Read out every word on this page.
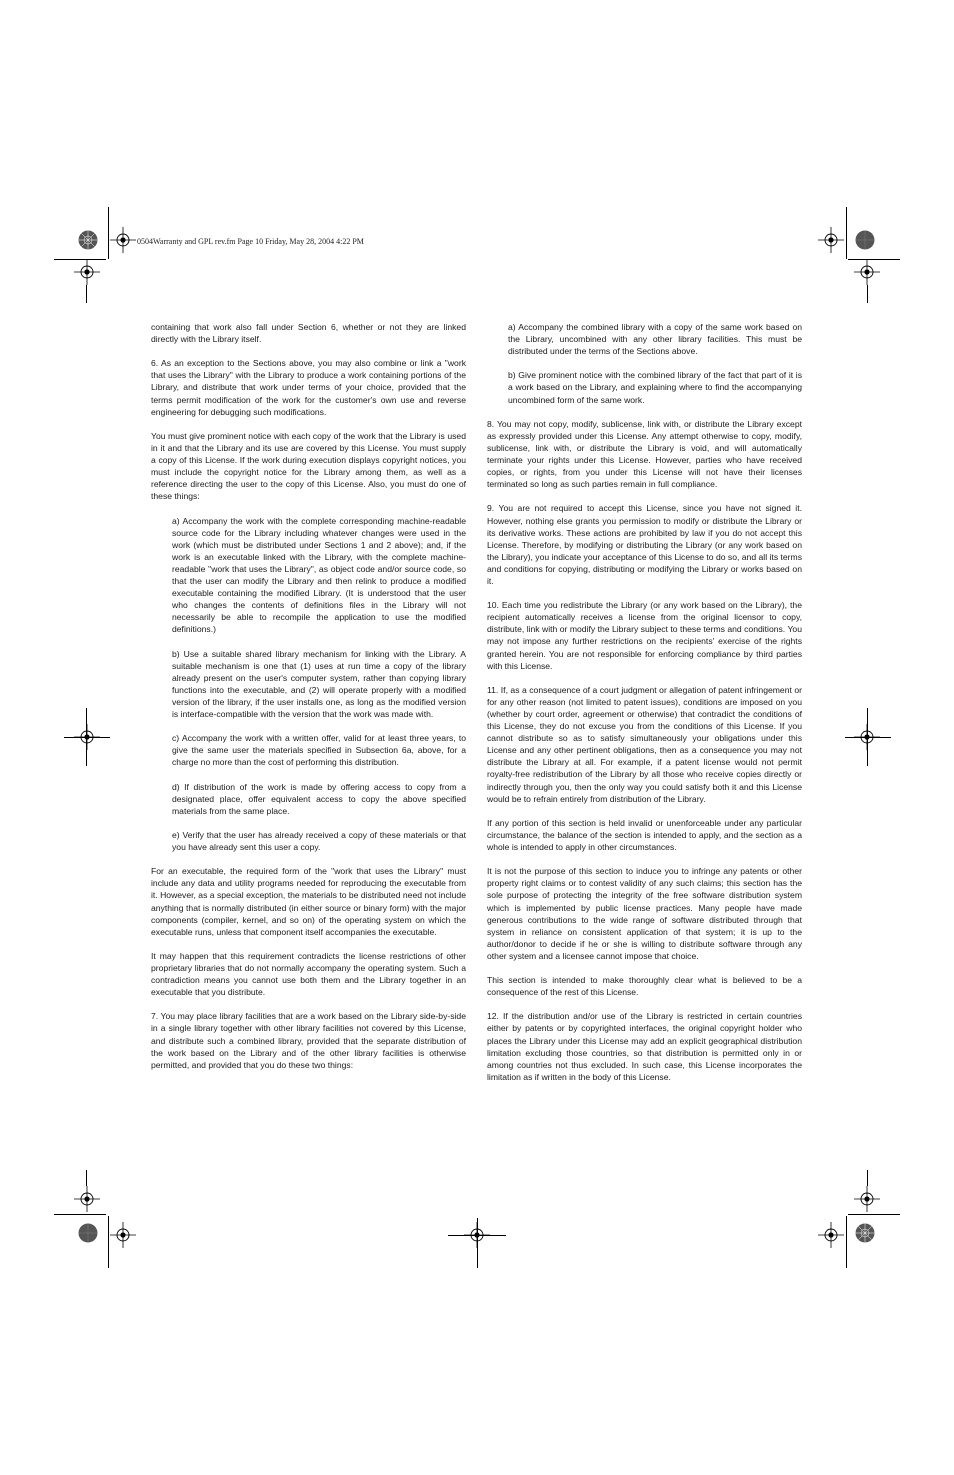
0504Warranty and GPL rev.fm Page 10 Friday, May 28, 2004 4:22 PM

containing that work also fall under Section 6, whether or not they are linked directly with the Library itself.

6. As an exception to the Sections above, you may also combine or link a "work that uses the Library" with the Library to produce a work containing portions of the Library, and distribute that work under terms of your choice, provided that the terms permit modification of the work for the customer's own use and reverse engineering for debugging such modifications.

You must give prominent notice with each copy of the work that the Library is used in it and that the Library and its use are covered by this License. You must supply a copy of this License. If the work during execution displays copyright notices, you must include the copyright notice for the Library among them, as well as a reference directing the user to the copy of this License. Also, you must do one of these things:

a) Accompany the work with the complete corresponding machine-readable source code for the Library including whatever changes were used in the work (which must be distributed under Sections 1 and 2 above); and, if the work is an executable linked with the Library, with the complete machine-readable "work that uses the Library", as object code and/or source code, so that the user can modify the Library and then relink to produce a modified executable containing the modified Library. (It is understood that the user who changes the contents of definitions files in the Library will not necessarily be able to recompile the application to use the modified definitions.)

b) Use a suitable shared library mechanism for linking with the Library. A suitable mechanism is one that (1) uses at run time a copy of the library already present on the user's computer system, rather than copying library functions into the executable, and (2) will operate properly with a modified version of the library, if the user installs one, as long as the modified version is interface-compatible with the version that the work was made with.

c) Accompany the work with a written offer, valid for at least three years, to give the same user the materials specified in Subsection 6a, above, for a charge no more than the cost of performing this distribution.

d) If distribution of the work is made by offering access to copy from a designated place, offer equivalent access to copy the above specified materials from the same place.

e) Verify that the user has already received a copy of these materials or that you have already sent this user a copy.

For an executable, the required form of the "work that uses the Library" must include any data and utility programs needed for reproducing the executable from it. However, as a special exception, the materials to be distributed need not include anything that is normally distributed (in either source or binary form) with the major components (compiler, kernel, and so on) of the operating system on which the executable runs, unless that component itself accompanies the executable.

It may happen that this requirement contradicts the license restrictions of other proprietary libraries that do not normally accompany the operating system. Such a contradiction means you cannot use both them and the Library together in an executable that you distribute.

7. You may place library facilities that are a work based on the Library side-by-side in a single library together with other library facilities not covered by this License, and distribute such a combined library, provided that the separate distribution of the work based on the Library and of the other library facilities is otherwise permitted, and provided that you do these two things:

a) Accompany the combined library with a copy of the same work based on the Library, uncombined with any other library facilities. This must be distributed under the terms of the Sections above.

b) Give prominent notice with the combined library of the fact that part of it is a work based on the Library, and explaining where to find the accompanying uncombined form of the same work.

8. You may not copy, modify, sublicense, link with, or distribute the Library except as expressly provided under this License. Any attempt otherwise to copy, modify, sublicense, link with, or distribute the Library is void, and will automatically terminate your rights under this License. However, parties who have received copies, or rights, from you under this License will not have their licenses terminated so long as such parties remain in full compliance.

9. You are not required to accept this License, since you have not signed it. However, nothing else grants you permission to modify or distribute the Library or its derivative works. These actions are prohibited by law if you do not accept this License. Therefore, by modifying or distributing the Library (or any work based on the Library), you indicate your acceptance of this License to do so, and all its terms and conditions for copying, distributing or modifying the Library or works based on it.

10. Each time you redistribute the Library (or any work based on the Library), the recipient automatically receives a license from the original licensor to copy, distribute, link with or modify the Library subject to these terms and conditions. You may not impose any further restrictions on the recipients' exercise of the rights granted herein. You are not responsible for enforcing compliance by third parties with this License.

11. If, as a consequence of a court judgment or allegation of patent infringement or for any other reason (not limited to patent issues), conditions are imposed on you (whether by court order, agreement or otherwise) that contradict the conditions of this License, they do not excuse you from the conditions of this License. If you cannot distribute so as to satisfy simultaneously your obligations under this License and any other pertinent obligations, then as a consequence you may not distribute the Library at all. For example, if a patent license would not permit royalty-free redistribution of the Library by all those who receive copies directly or indirectly through you, then the only way you could satisfy both it and this License would be to refrain entirely from distribution of the Library.

If any portion of this section is held invalid or unenforceable under any particular circumstance, the balance of the section is intended to apply, and the section as a whole is intended to apply in other circumstances.

It is not the purpose of this section to induce you to infringe any patents or other property right claims or to contest validity of any such claims; this section has the sole purpose of protecting the integrity of the free software distribution system which is implemented by public license practices. Many people have made generous contributions to the wide range of software distributed through that system in reliance on consistent application of that system; it is up to the author/donor to decide if he or she is willing to distribute software through any other system and a licensee cannot impose that choice.

This section is intended to make thoroughly clear what is believed to be a consequence of the rest of this License.

12. If the distribution and/or use of the Library is restricted in certain countries either by patents or by copyrighted interfaces, the original copyright holder who places the Library under this License may add an explicit geographical distribution limitation excluding those countries, so that distribution is permitted only in or among countries not thus excluded. In such case, this License incorporates the limitation as if written in the body of this License.
